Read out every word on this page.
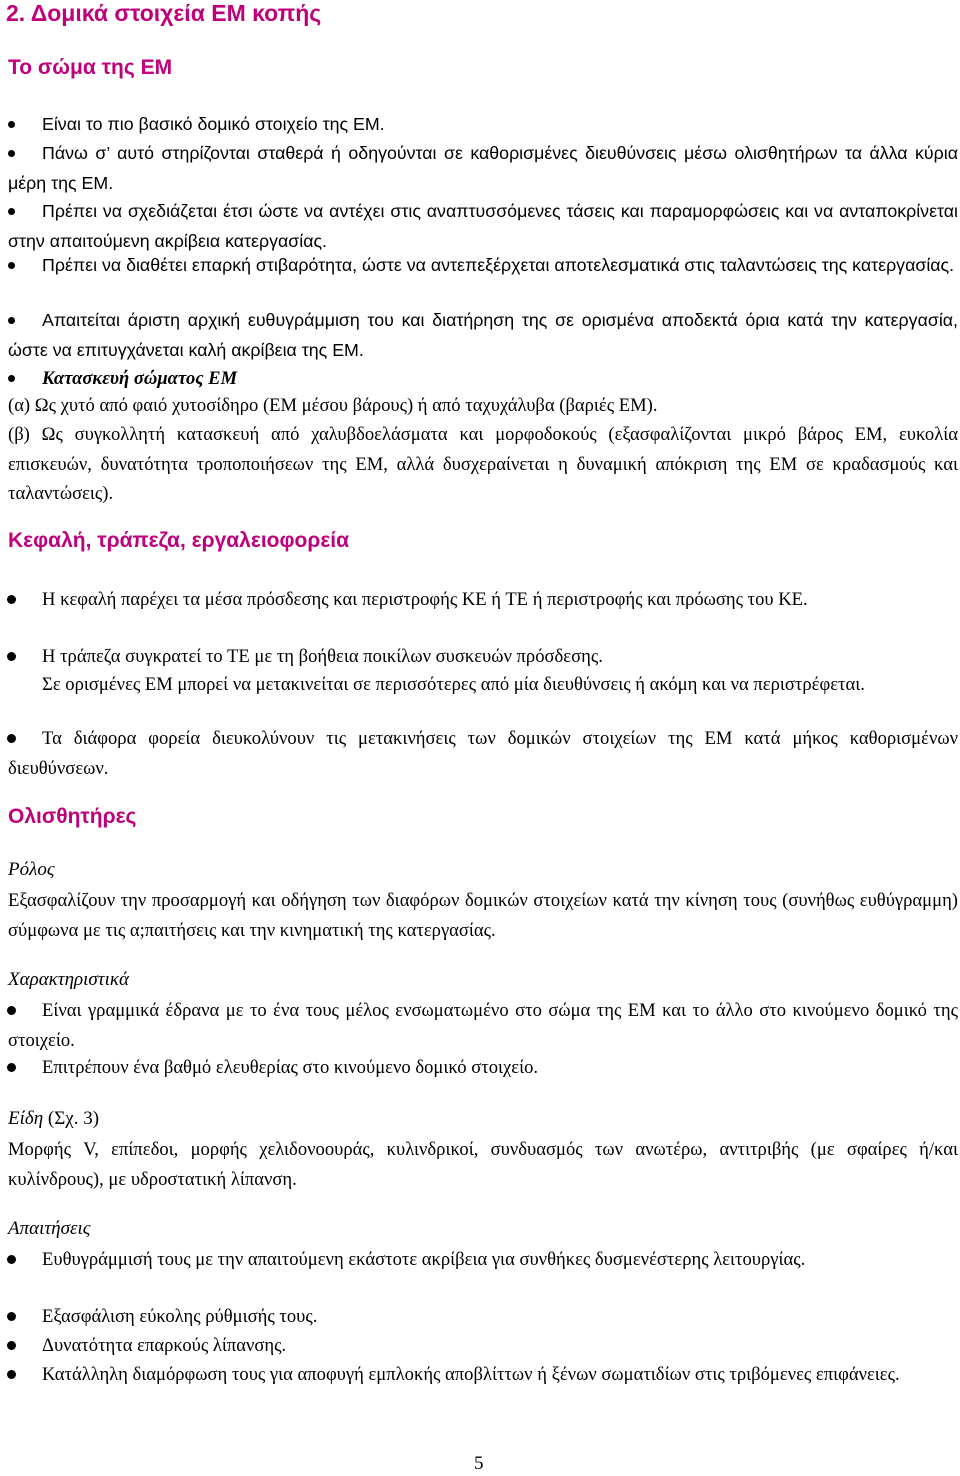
2. Δομικά στοιχεία ΕΜ κοπής
Το σώμα της ΕΜ
Είναι το πιο βασικό δομικό στοιχείο της ΕΜ.
Πάνω σ’ αυτό στηρίζονται σταθερά ή οδηγούνται σε καθορισμένες διευθύνσεις μέσω ολισθητήρων τα άλλα κύρια μέρη της ΕΜ.
Πρέπει να σχεδιάζεται έτσι ώστε να αντέχει στις αναπτυσσόμενες τάσεις και παραμορφώσεις και να ανταποκρίνεται στην απαιτούμενη ακρίβεια κατεργασίας.
Πρέπει να διαθέτει επαρκή στιβαρότητα, ώστε να αντεπεξέρχεται αποτελεσματικά στις ταλαντώσεις της κατεργασίας.
Απαιτείται άριστη αρχική ευθυγράμμιση του και διατήρηση της σε ορισμένα αποδεκτά όρια κατά την κατεργασία, ώστε να επιτυγχάνεται καλή ακρίβεια της ΕΜ.
Κατασκευή σώματος ΕΜ
(α) Ως χυτό από φαιό χυτοσίδηρο (ΕΜ μέσου βάρους) ή από ταχυχάλυβα (βαριές ΕΜ).
(β) Ως συγκολλητή κατασκευή από χαλυβδοελάσματα και μορφοδοκούς (εξασφαλίζονται μικρό βάρος ΕΜ, ευκολία επισκευών, δυνατότητα τροποποιήσεων της ΕΜ, αλλά δυσχεραίνεται η δυναμική απόκριση της ΕΜ σε κραδασμούς και ταλαντώσεις).
Κεφαλή, τράπεζα, εργαλειοφορεία
Η κεφαλή παρέχει τα μέσα πρόσδεσης και περιστροφής ΚΕ ή ΤΕ ή περιστροφής και πρόωσης του ΚΕ.
Η τράπεζα συγκρατεί το ΤΕ με τη βοήθεια ποικίλων συσκευών πρόσδεσης.
Σε ορισμένες ΕΜ μπορεί να μετακινείται σε περισσότερες από μία διευθύνσεις ή ακόμη και να περιστρέφεται.
Τα διάφορα φορεία διευκολύνουν τις μετακινήσεις των δομικών στοιχείων της ΕΜ κατά μήκος καθορισμένων διευθύνσεων.
Ολισθητήρες
Ρόλος
Εξασφαλίζουν την προσαρμογή και οδήγηση των διαφόρων δομικών στοιχείων κατά την κίνηση τους (συνήθως ευθύγραμμη) σύμφωνα με τις α;παιτήσεις και την κινηματική της κατεργασίας.
Χαρακτηριστικά
Είναι γραμμικά έδρανα με το ένα τους μέλος ενσωματωμένο στο σώμα της ΕΜ και το άλλο στο κινούμενο δομικό της στοιχείο.
Επιτρέπουν ένα βαθμό ελευθερίας στο κινούμενο δομικό στοιχείο.
Είδη (Σχ. 3)
Μορφής V, επίπεδοι, μορφής χελιδονοουράς, κυλινδρικοί, συνδυασμός των ανωτέρω, αντιτριβής (με σφαίρες ή/και κυλίνδρους), με υδροστατική λίπανση.
Απαιτήσεις
Ευθυγράμμισή τους με την απαιτούμενη εκάστοτε ακρίβεια για συνθήκες δυσμενέστερης λειτουργίας.
Εξασφάλιση εύκολης ρύθμισής τους.
Δυνατότητα επαρκούς λίπανσης.
Κατάλληλη διαμόρφωση τους για αποφυγή εμπλοκής αποβλίττων ή ξένων σωματιδίων στις τριβόμενες επιφάνειες.
5
